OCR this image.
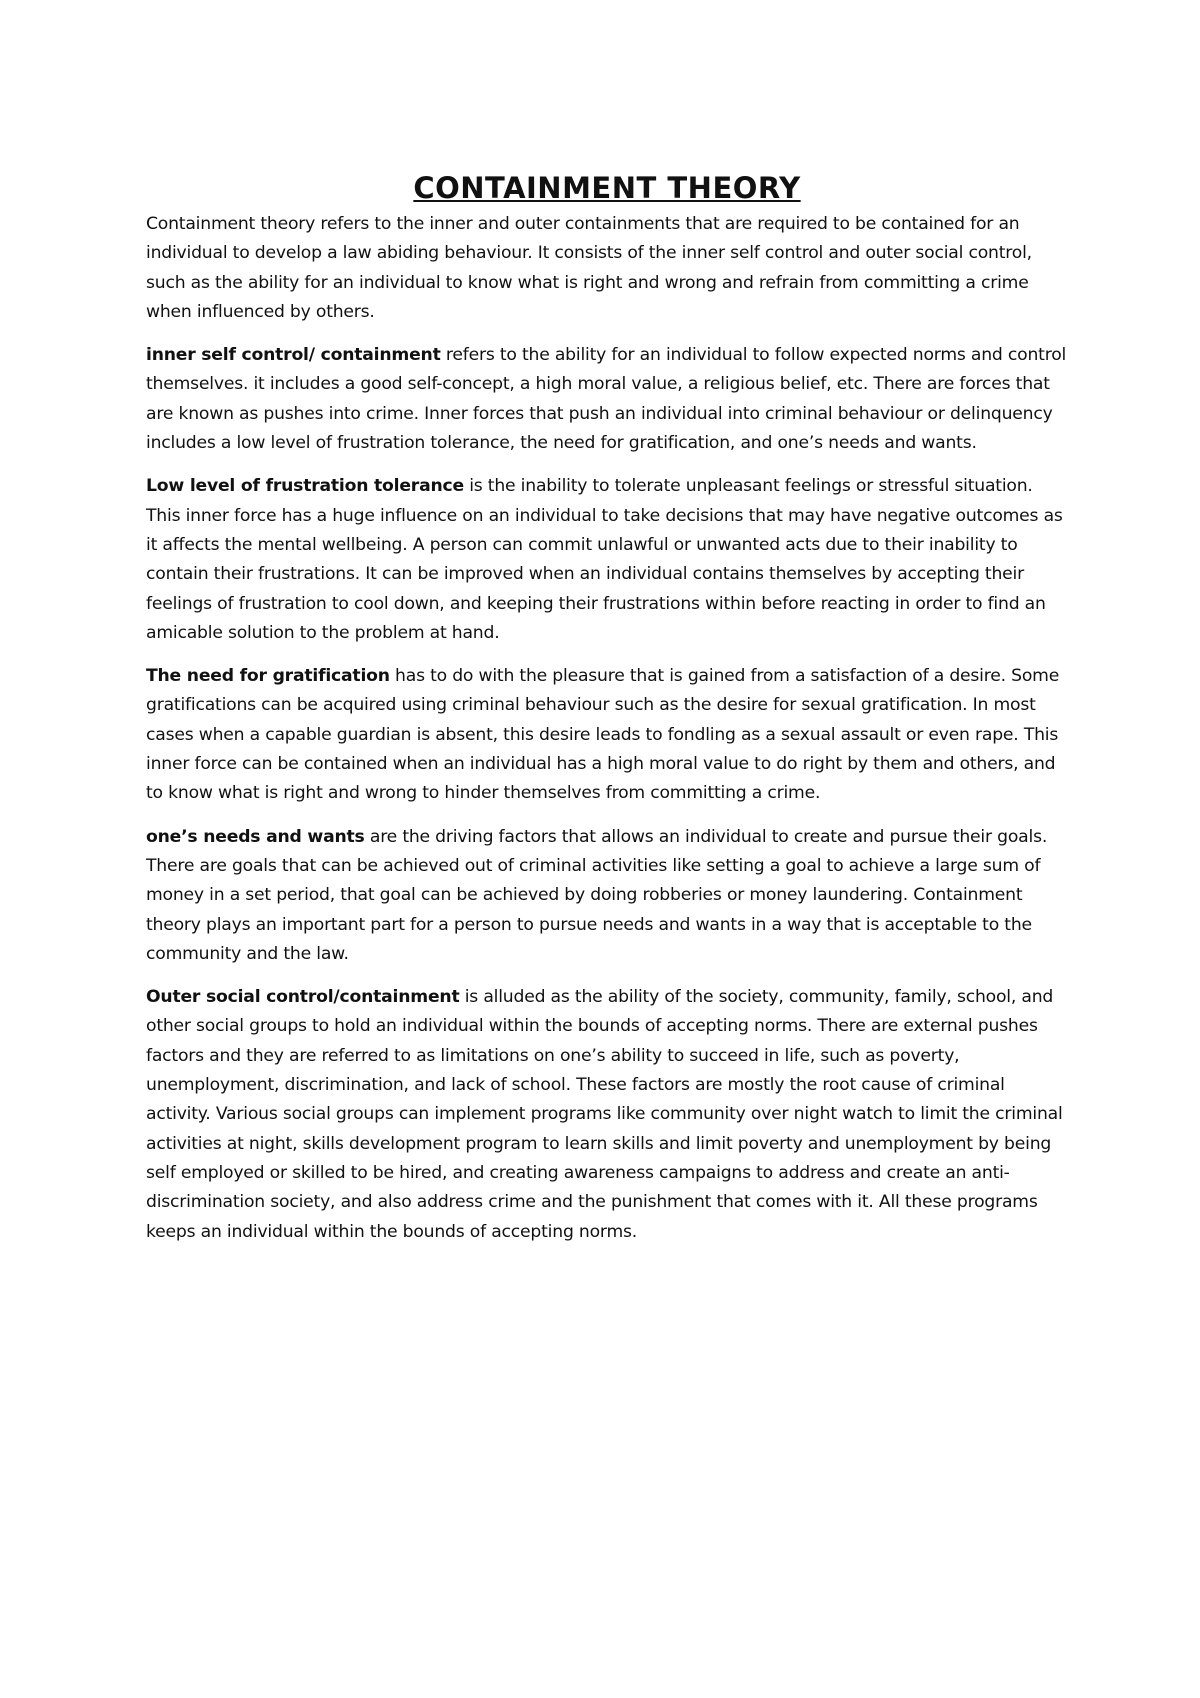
CONTAINMENT THEORY

Containment theory refers to the inner and outer containments that are required to be contained for an individual to develop a law abiding behaviour. It consists of the inner self control and outer social control, such as the ability for an individual to know what is right and wrong and refrain from committing a crime when influenced by others.

inner self control/ containment refers to the ability for an individual to follow expected norms and control themselves. it includes a good self-concept, a high moral value, a religious belief, etc. There are forces that are known as pushes into crime. Inner forces that push an individual into criminal behaviour or delinquency includes a low level of frustration tolerance, the need for gratification, and one’s needs and wants.

Low level of frustration tolerance is the inability to tolerate unpleasant feelings or stressful situation. This inner force has a huge influence on an individual to take decisions that may have negative outcomes as it affects the mental wellbeing. A person can commit unlawful or unwanted acts due to their inability to contain their frustrations. It can be improved when an individual contains themselves by accepting their feelings of frustration to cool down, and keeping their frustrations within before reacting in order to find an amicable solution to the problem at hand.

The need for gratification has to do with the pleasure that is gained from a satisfaction of a desire. Some gratifications can be acquired using criminal behaviour such as the desire for sexual gratification. In most cases when a capable guardian is absent, this desire leads to fondling as a sexual assault or even rape. This inner force can be contained when an individual has a high moral value to do right by them and others, and to know what is right and wrong to hinder themselves from committing a crime.

one’s needs and wants are the driving factors that allows an individual to create and pursue their goals. There are goals that can be achieved out of criminal activities like setting a goal to achieve a large sum of money in a set period, that goal can be achieved by doing robberies or money laundering. Containment theory plays an important part for a person to pursue needs and wants in a way that is acceptable to the community and the law.

Outer social control/containment is alluded as the ability of the society, community, family, school, and other social groups to hold an individual within the bounds of accepting norms. There are external pushes factors and they are referred to as limitations on one’s ability to succeed in life, such as poverty, unemployment, discrimination, and lack of school. These factors are mostly the root cause of criminal activity. Various social groups can implement programs like community over night watch to limit the criminal activities at night, skills development program to learn skills and limit poverty and unemployment by being self employed or skilled to be hired, and creating awareness campaigns to address and create an anti-discrimination society, and also address crime and the punishment that comes with it. All these programs keeps an individual within the bounds of accepting norms.
